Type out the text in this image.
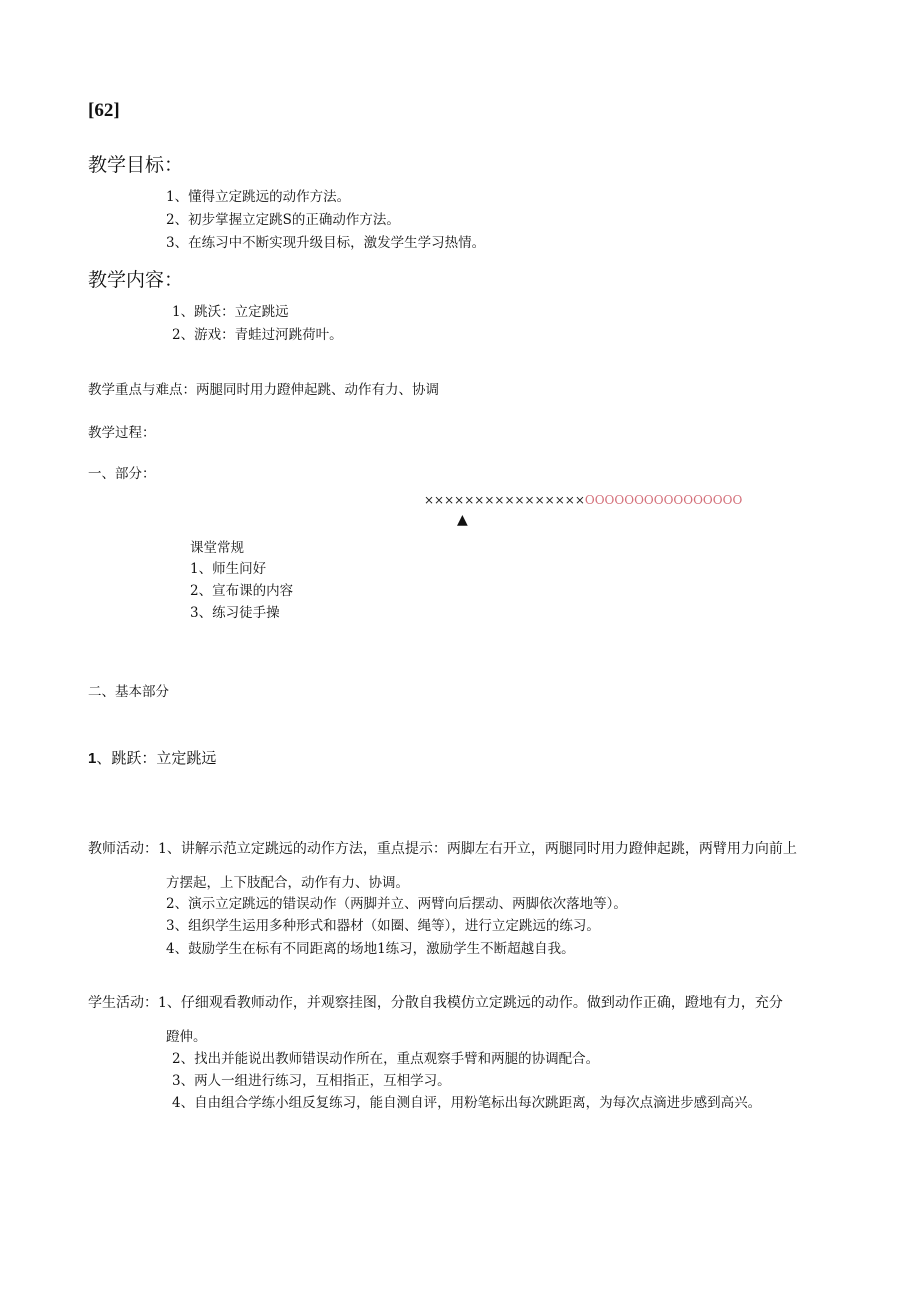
[62]
教学目标：
1、懂得立定跳远的动作方法。
2、初步掌握立定跳S的正确动作方法。
3、在练习中不断实现升级目标，激发学生学习热情。
教学内容：
1、跳沃：立定跳远
2、游戏：青蛙过河跳荷叶。
教学重点与难点：两腿同时用力蹬伸起跳、动作有力、协调
教学过程：
一、部分：
××××××××××××××××OOOOOOOOOOOOOOOO
▲
课堂常规
1、师生问好
2、宣布课的内容
3、练习徒手操
二、基本部分
1、跳跃：立定跳远
教师活动：1、讲解示范立定跳远的动作方法，重点提示：两脚左右开立，两腿同时用力蹬伸起跳，两臂用力向前上
方摆起，上下肢配合，动作有力、协调。
2、演示立定跳远的错误动作（两脚并立、两臂向后摆动、两脚依次落地等）。
3、组织学生运用多种形式和器材（如圈、绳等），进行立定跳远的练习。
4、鼓励学生在标有不同距离的场地1练习，激励学生不断超越自我。
学生活动：1、仔细观看教师动作，并观察挂图，分散自我模仿立定跳远的动作。做到动作正确，蹬地有力，充分
蹬伸。
2、找出并能说出教师错误动作所在，重点观察手臂和两腿的协调配合。
3、两人一组进行练习，互相指正，互相学习。
4、自由组合学练小组反复练习，能自测自评，用粉笔标出每次跳距离，为每次点滴进步感到高兴。
